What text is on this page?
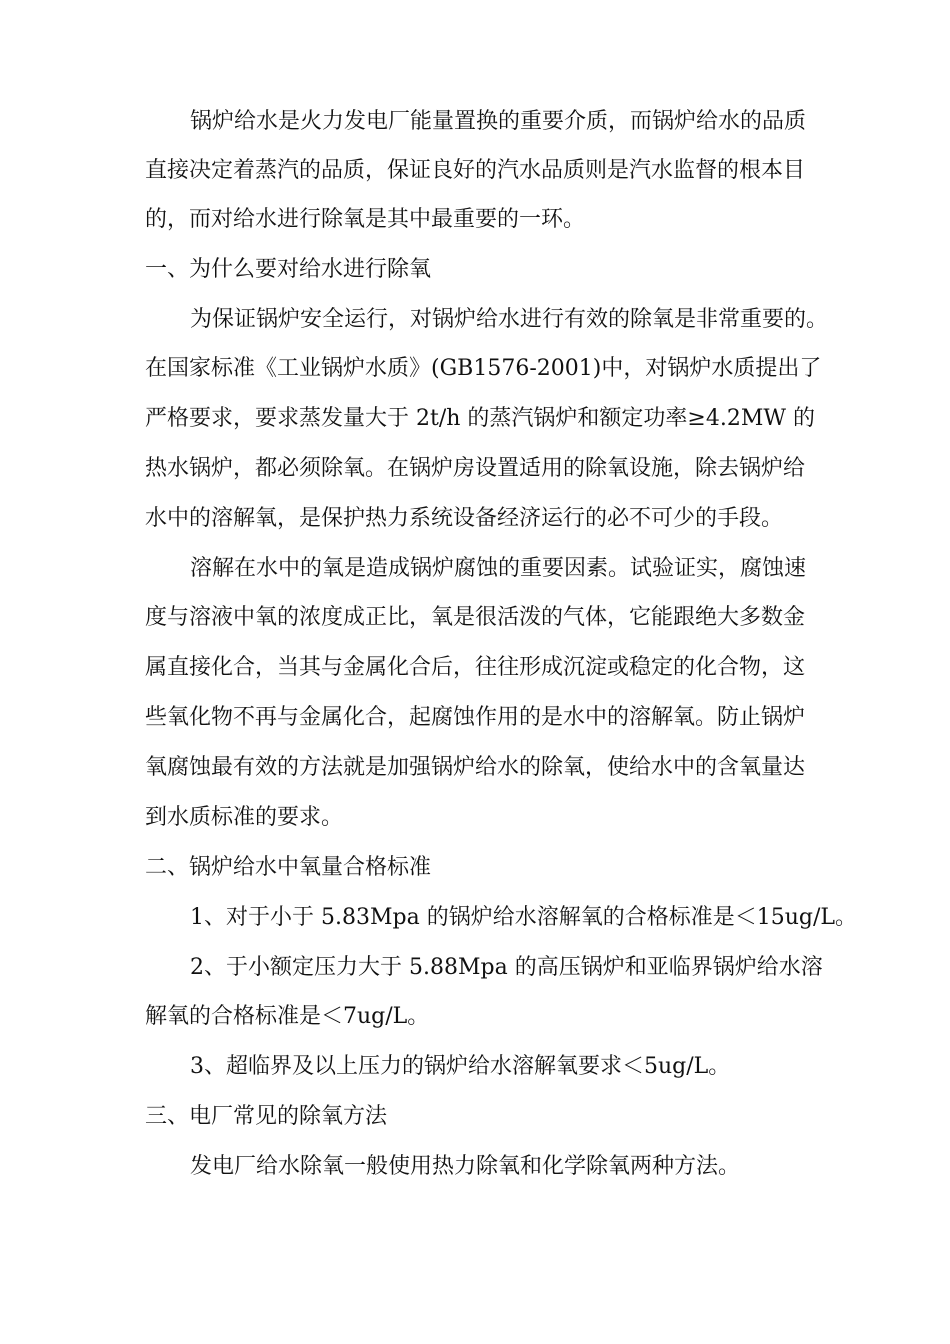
锅炉给水是火力发电厂能量置换的重要介质，而锅炉给水的品质
直接决定着蒸汽的品质，保证良好的汽水品质则是汽水监督的根本目
的，而对给水进行除氧是其中最重要的一环。
一、为什么要对给水进行除氧
为保证锅炉安全运行，对锅炉给水进行有效的除氧是非常重要的。
在国家标准《工业锅炉水质》(GB1576-2001)中，对锅炉水质提出了
严格要求，要求蒸发量大于 2t/h 的蒸汽锅炉和额定功率≥4.2MW 的
热水锅炉，都必须除氧。在锅炉房设置适用的除氧设施，除去锅炉给
水中的溶解氧，是保护热力系统设备经济运行的必不可少的手段。
溶解在水中的氧是造成锅炉腐蚀的重要因素。试验证实，腐蚀速
度与溶液中氧的浓度成正比，氧是很活泼的气体，它能跟绝大多数金
属直接化合，当其与金属化合后，往往形成沉淀或稳定的化合物，这
些氧化物不再与金属化合，起腐蚀作用的是水中的溶解氧。防止锅炉
氧腐蚀最有效的方法就是加强锅炉给水的除氧，使给水中的含氧量达
到水质标准的要求。
二、锅炉给水中氧量合格标准
1、对于小于 5.83Mpa 的锅炉给水溶解氧的合格标准是＜15ug/L。
2、于小额定压力大于 5.88Mpa 的高压锅炉和亚临界锅炉给水溶
解氧的合格标准是＜7ug/L。
3、超临界及以上压力的锅炉给水溶解氧要求＜5ug/L。
三、电厂常见的除氧方法
发电厂给水除氧一般使用热力除氧和化学除氧两种方法。
